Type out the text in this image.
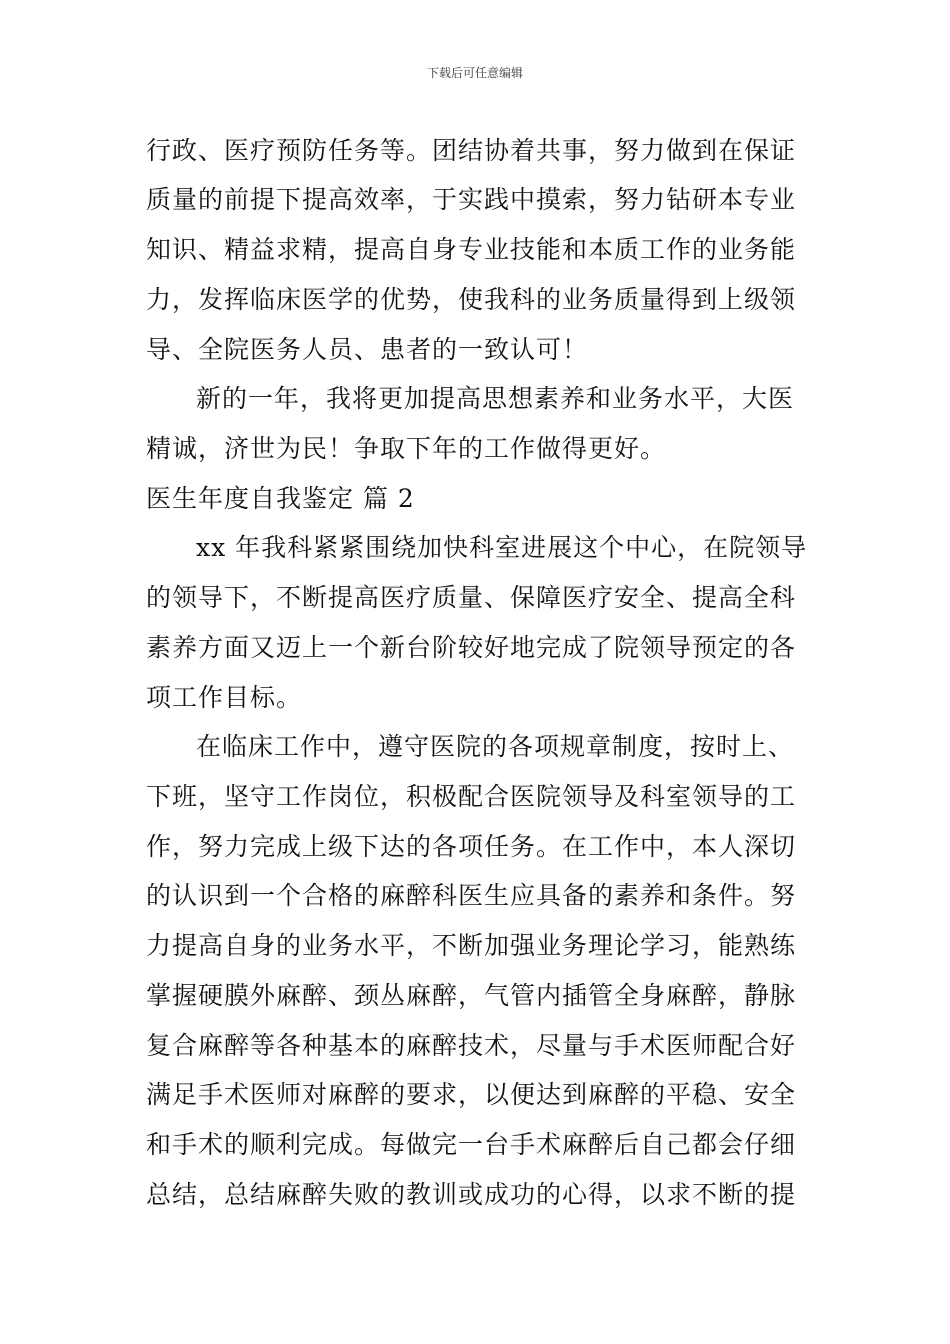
下载后可任意编辑
行政、医疗预防任务等。团结协着共事，努力做到在保证
质量的前提下提高效率，于实践中摸索，努力钻研本专业
知识、精益求精，提高自身专业技能和本质工作的业务能
力，发挥临床医学的优势，使我科的业务质量得到上级领
导、全院医务人员、患者的一致认可！
新的一年，我将更加提高思想素养和业务水平，大医
精诚，济世为民！争取下年的工作做得更好。
医生年度自我鉴定 篇 2
xx 年我科紧紧围绕加快科室进展这个中心，在院领导
的领导下，不断提高医疗质量、保障医疗安全、提高全科
素养方面又迈上一个新台阶较好地完成了院领导预定的各
项工作目标。
在临床工作中，遵守医院的各项规章制度，按时上、
下班，坚守工作岗位，积极配合医院领导及科室领导的工
作，努力完成上级下达的各项任务。在工作中，本人深切
的认识到一个合格的麻醉科医生应具备的素养和条件。努
力提高自身的业务水平，不断加强业务理论学习，能熟练
掌握硬膜外麻醉、颈丛麻醉，气管内插管全身麻醉，静脉
复合麻醉等各种基本的麻醉技术，尽量与手术医师配合好
满足手术医师对麻醉的要求，以便达到麻醉的平稳、安全
和手术的顺利完成。每做完一台手术麻醉后自己都会仔细
总结，总结麻醉失败的教训或成功的心得，以求不断的提
